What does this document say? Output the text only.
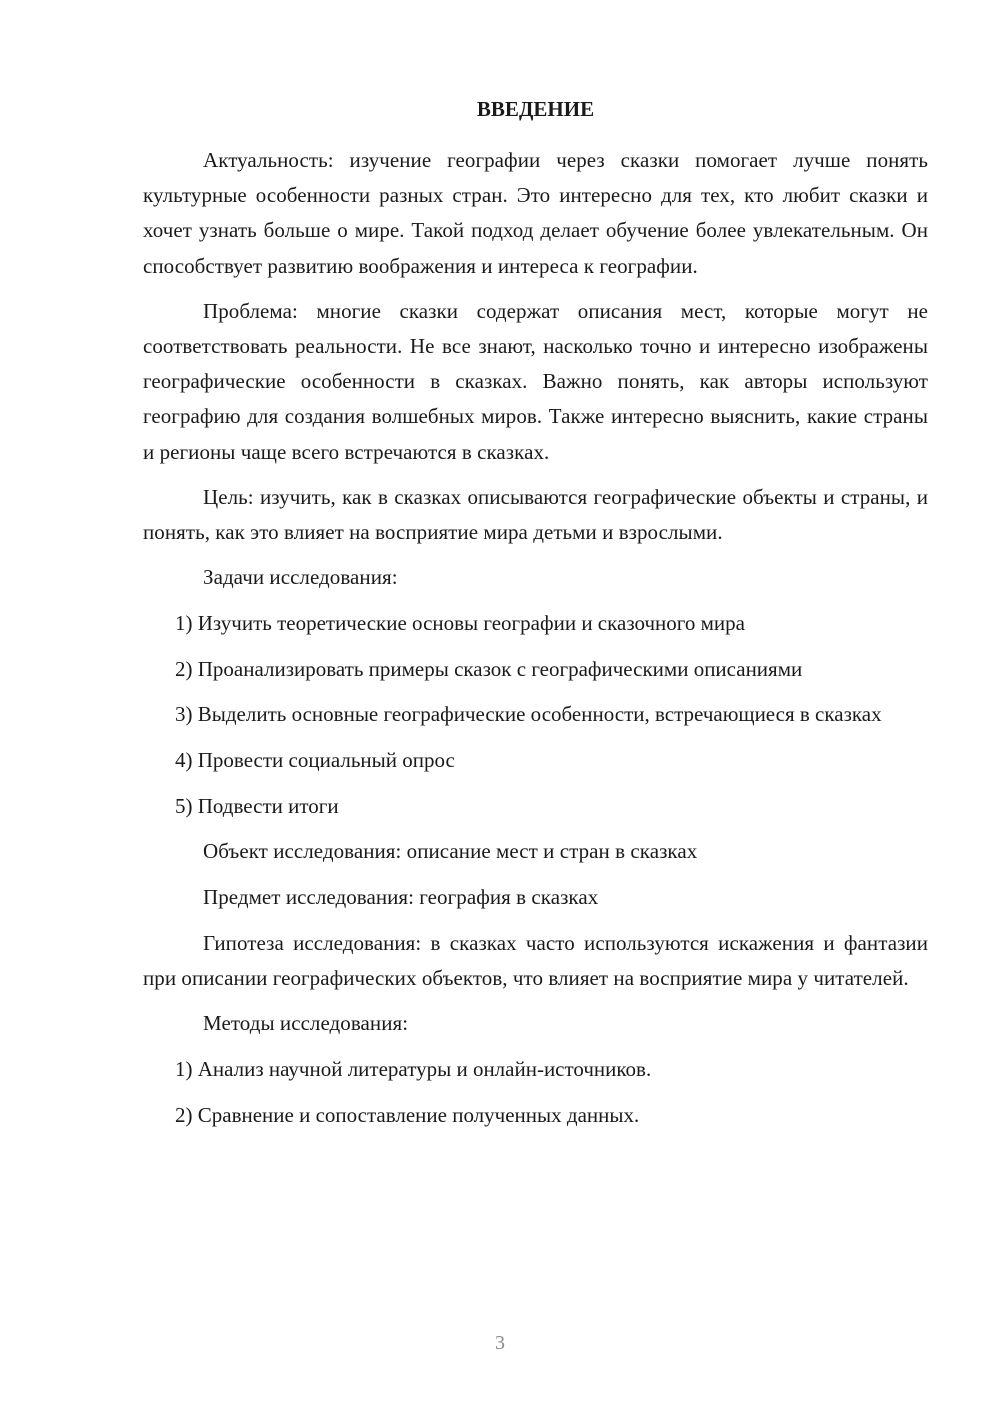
ВВЕДЕНИЕ

Актуальность: изучение географии через сказки помогает лучше понять культурные особенности разных стран. Это интересно для тех, кто любит сказки и хочет узнать больше о мире. Такой подход делает обучение более увлекательным. Он способствует развитию воображения и интереса к географии.

Проблема: многие сказки содержат описания мест, которые могут не соответствовать реальности. Не все знают, насколько точно и интересно изображены географические особенности в сказках. Важно понять, как авторы используют географию для создания волшебных миров. Также интересно выяснить, какие страны и регионы чаще всего встречаются в сказках.

Цель: изучить, как в сказках описываются географические объекты и страны, и понять, как это влияет на восприятие мира детьми и взрослыми.

Задачи исследования:

1) Изучить теоретические основы географии и сказочного мира

2) Проанализировать примеры сказок с географическими описаниями

3) Выделить основные географические особенности, встречающиеся в сказках

4) Провести социальный опрос

5) Подвести итоги

Объект исследования: описание мест и стран в сказках

Предмет исследования: география в сказках

Гипотеза исследования: в сказках часто используются искажения и фантазии при описании географических объектов, что влияет на восприятие мира у читателей.

Методы исследования:

1) Анализ научной литературы и онлайн-источников.

2) Сравнение и сопоставление полученных данных.

3
